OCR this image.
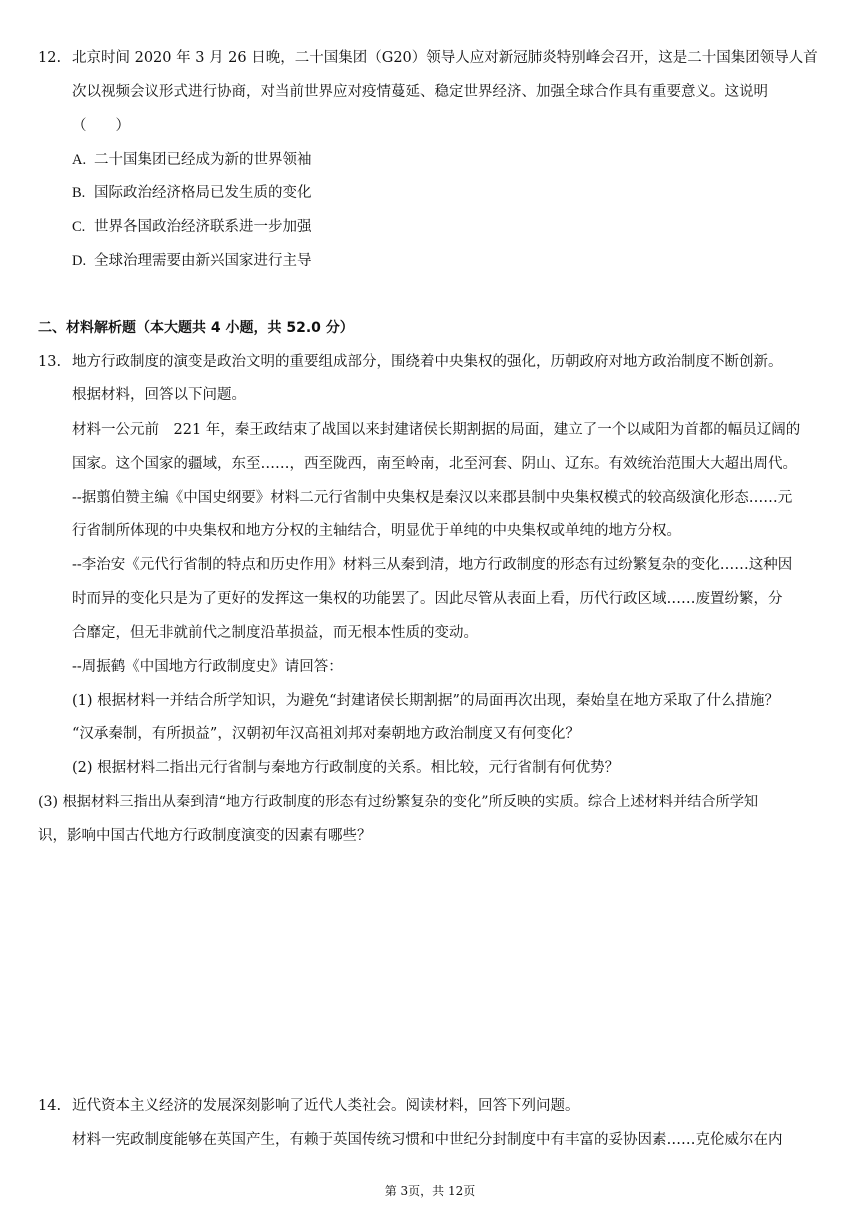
12. 北京时间 2020 年 3 月 26 日晚，二十国集团（G20）领导人应对新冠肺炎特别峰会召开，这是二十国集团领导人首
次以视频会议形式进行协商，对当前世界应对疫情蔓延、稳定世界经济、加强全球合作具有重要意义。这说明
（　　）
A. 二十国集团已经成为新的世界领袖
B. 国际政治经济格局已发生质的变化
C. 世界各国政治经济联系进一步加强
D. 全球治理需要由新兴国家进行主导
二、材料解析题（本大题共 4 小题，共 52.0 分）
13. 地方行政制度的演变是政治文明的重要组成部分，围绕着中央集权的强化，历朝政府对地方政治制度不断创新。
根据材料，回答以下问题。
材料一公元前　221 年，秦王政结束了战国以来封建诸侯长期割据的局面，建立了一个以咸阳为首都的幅员辽阔的
国家。这个国家的疆域，东至……，西至陇西，南至岭南，北至河套、阴山、辽东。有效统治范围大大超出周代。
--据翦伯赞主编《中国史纲要》材料二元行省制中央集权是秦汉以来郡县制中央集权模式的较高级演化形态……元
行省制所体现的中央集权和地方分权的主轴结合，明显优于单纯的中央集权或单纯的地方分权。
--李治安《元代行省制的特点和历史作用》材料三从秦到清，地方行政制度的形态有过纷繁复杂的变化……这种因
时而异的变化只是为了更好的发挥这一集权的功能罢了。因此尽管从表面上看，历代行政区域……废置纷繁，分
合靡定，但无非就前代之制度沿革损益，而无根本性质的变动。
--周振鹤《中国地方行政制度史》请回答：
(1) 根据材料一并结合所学知识，为避免“封建诸侯长期割据”的局面再次出现，秦始皇在地方采取了什么措施？
“汉承秦制，有所损益”，汉朝初年汉高祖刘邦对秦朝地方政治制度又有何变化？
(2) 根据材料二指出元行省制与秦地方行政制度的关系。相比较，元行省制有何优势？
(3) 根据材料三指出从秦到清“地方行政制度的形态有过纷繁复杂的变化”所反映的实质。综合上述材料并结合所学知
识，影响中国古代地方行政制度演变的因素有哪些？
14. 近代资本主义经济的发展深刻影响了近代人类社会。阅读材料，回答下列问题。
材料一宪政制度能够在英国产生，有赖于英国传统习惯和中世纪分封制度中有丰富的妥协因素……克伦威尔在内
第 3页，共 12页
